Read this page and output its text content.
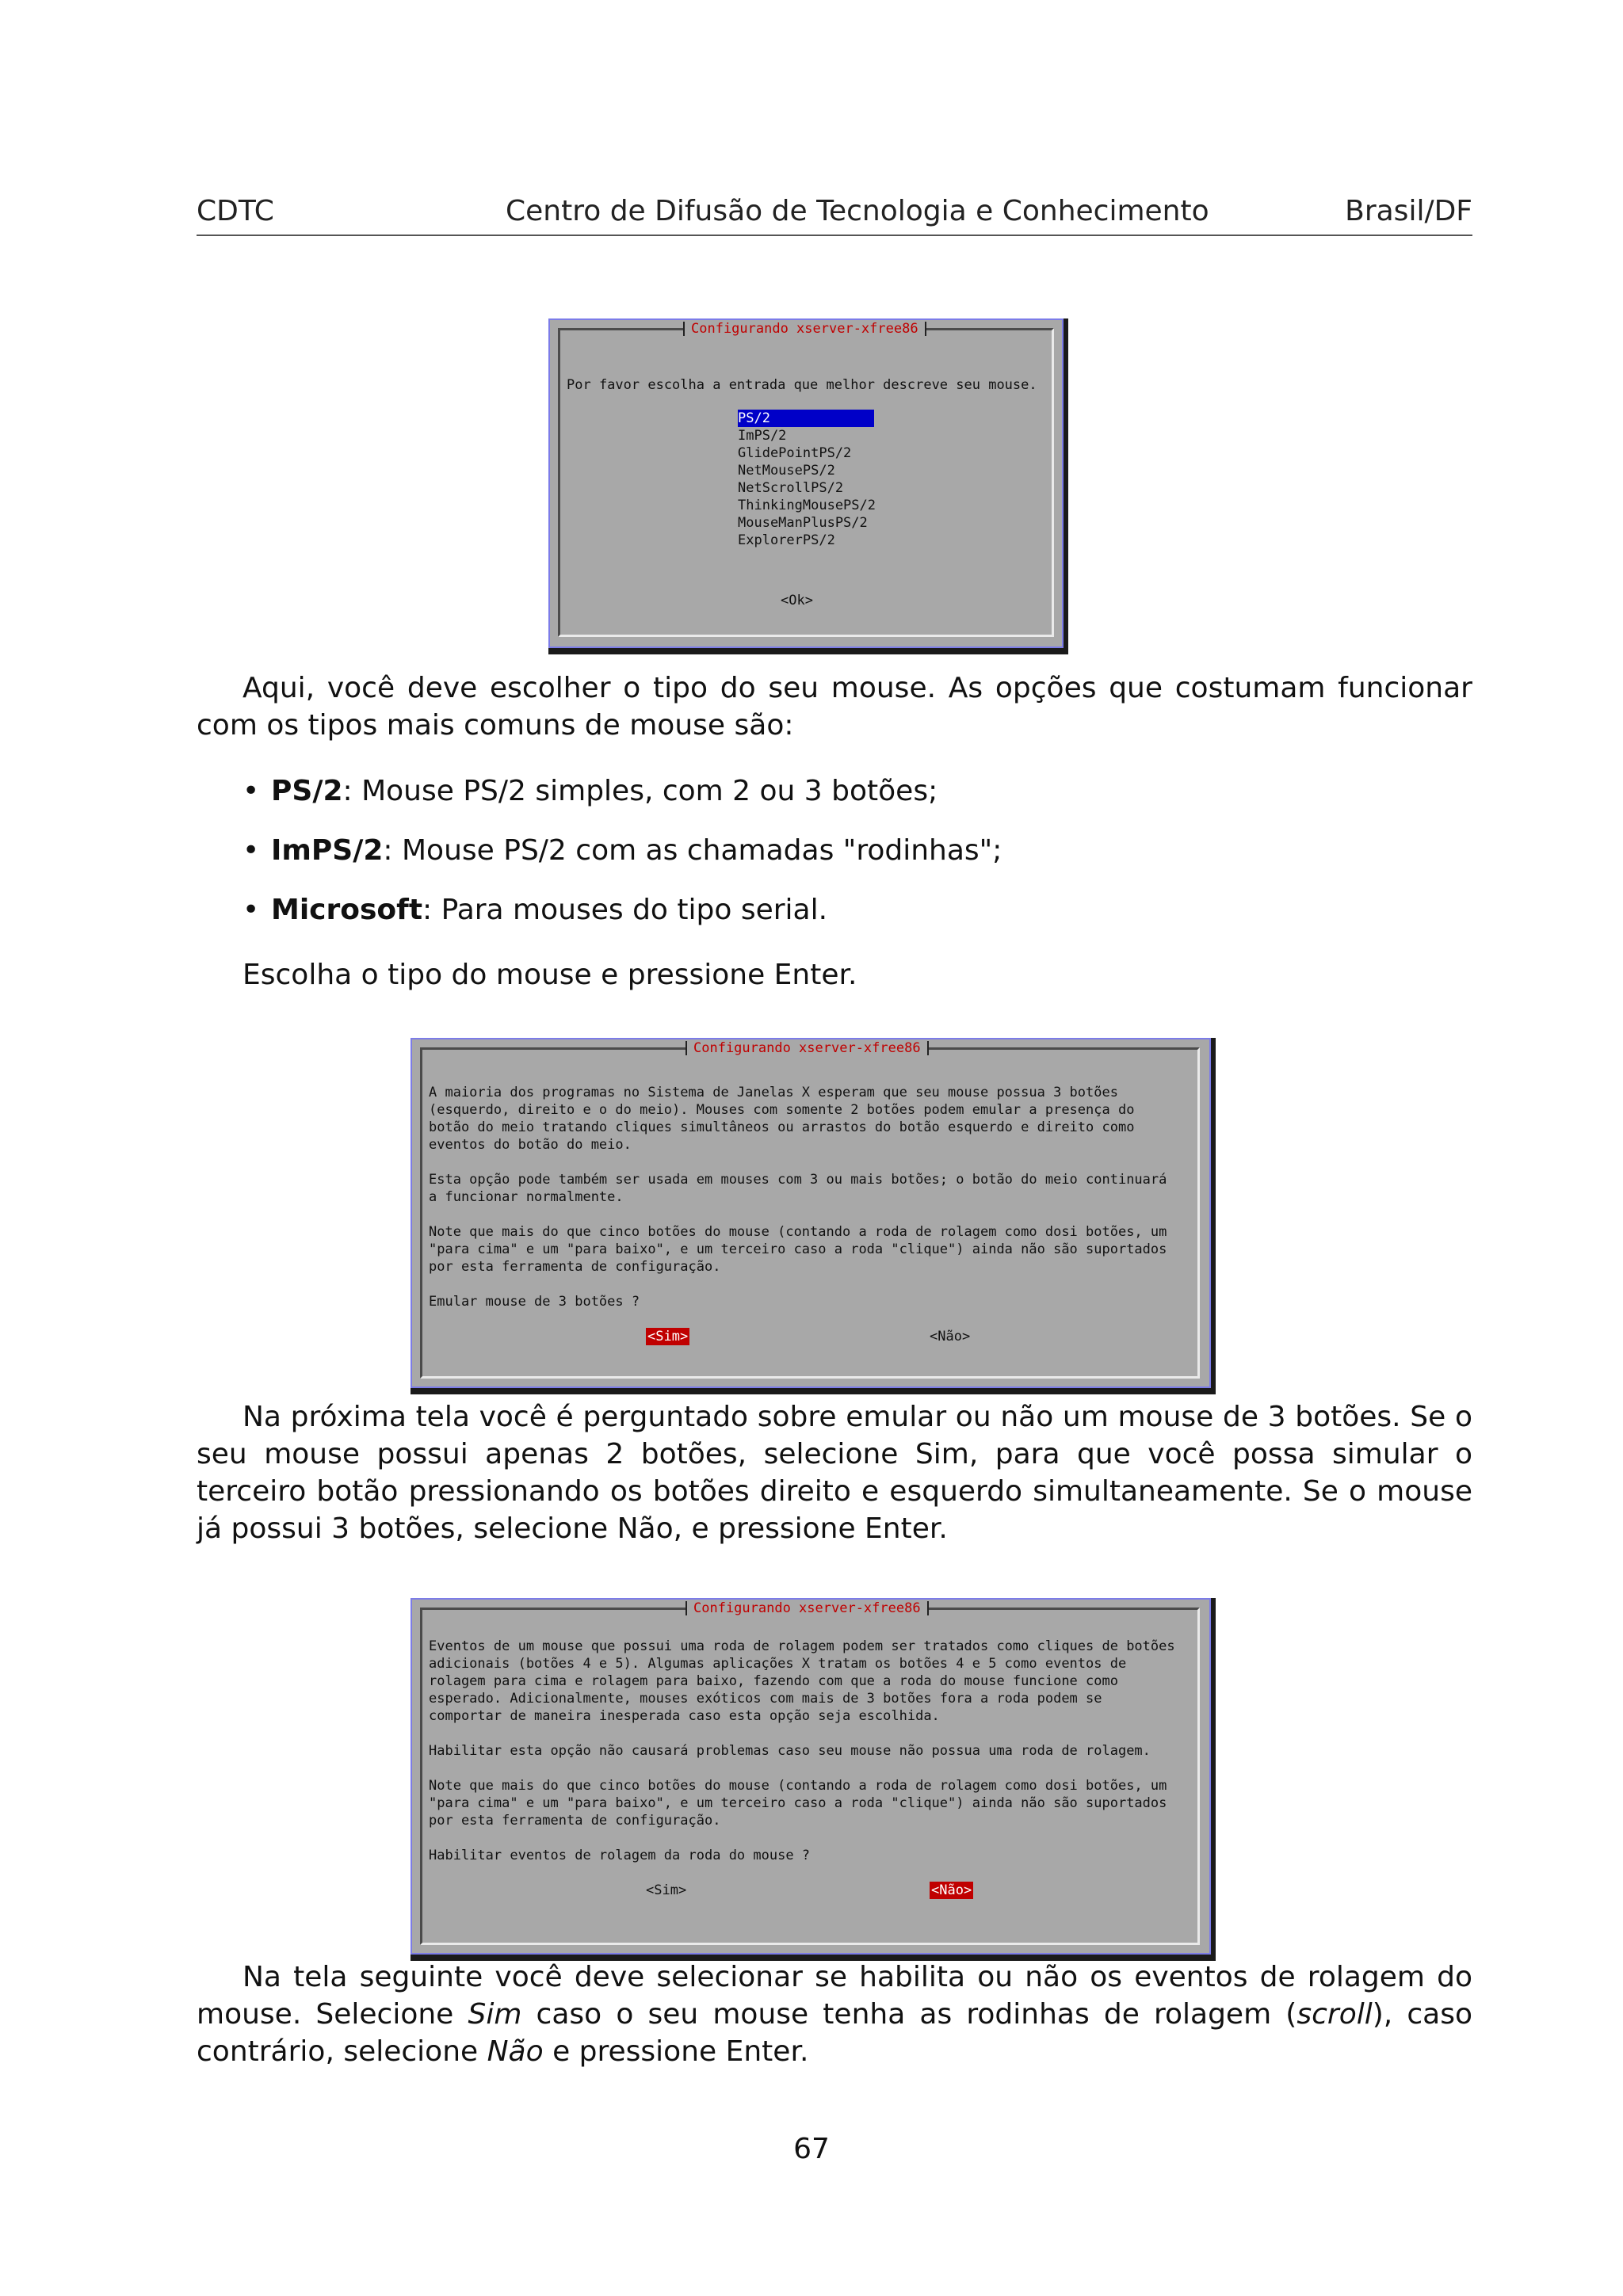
CDTC	Centro de Difusão de Tecnologia e Conhecimento	Brasil/DF
Configurando xserver-xfree86
Por favor escolha a entrada que melhor descreve seu mouse.
PS/2
ImPS/2
GlidePointPS/2
NetMousePS/2
NetScrollPS/2
ThinkingMousePS/2
MouseManPlusPS/2
ExplorerPS/2
<Ok>
Aqui, você deve escolher o tipo do seu mouse. As opções que costumam funcionar com os tipos mais comuns de mouse são:
• PS/2: Mouse PS/2 simples, com 2 ou 3 botões;
• ImPS/2: Mouse PS/2 com as chamadas "rodinhas";
• Microsoft: Para mouses do tipo serial.
Escolha o tipo do mouse e pressione Enter.
Configurando xserver-xfree86
A maioria dos programas no Sistema de Janelas X esperam que seu mouse possua 3 botões
(esquerdo, direito e o do meio). Mouses com somente 2 botões podem emular a presença do
botão do meio tratando cliques simultâneos ou arrastos do botão esquerdo e direito como
eventos do botão do meio.
Esta opção pode também ser usada em mouses com 3 ou mais botões; o botão do meio continuará
a funcionar normalmente.
Note que mais do que cinco botões do mouse (contando a roda de rolagem como dosi botões, um
"para cima" e um "para baixo", e um terceiro caso a roda "clique") ainda não são suportados
por esta ferramenta de configuração.
Emular mouse de 3 botões ?
<Sim>	<Não>
Na próxima tela você é perguntado sobre emular ou não um mouse de 3 botões. Se o seu mouse possui apenas 2 botões, selecione Sim, para que você possa simular o terceiro botão pressionando os botões direito e esquerdo simultaneamente. Se o mouse já possui 3 botões, selecione Não, e pressione Enter.
Configurando xserver-xfree86
Eventos de um mouse que possui uma roda de rolagem podem ser tratados como cliques de botões
adicionais (botões 4 e 5). Algumas aplicações X tratam os botões 4 e 5 como eventos de
rolagem para cima e rolagem para baixo, fazendo com que a roda do mouse funcione como
esperado. Adicionalmente, mouses exóticos com mais de 3 botões fora a roda podem se
comportar de maneira inesperada caso esta opção seja escolhida.
Habilitar esta opção não causará problemas caso seu mouse não possua uma roda de rolagem.
Note que mais do que cinco botões do mouse (contando a roda de rolagem como dosi botões, um
"para cima" e um "para baixo", e um terceiro caso a roda "clique") ainda não são suportados
por esta ferramenta de configuração.
Habilitar eventos de rolagem da roda do mouse ?
<Sim>	<Não>
Na tela seguinte você deve selecionar se habilita ou não os eventos de rolagem do mouse. Selecione Sim caso o seu mouse tenha as rodinhas de rolagem (scroll), caso contrário, selecione Não e pressione Enter.
67
